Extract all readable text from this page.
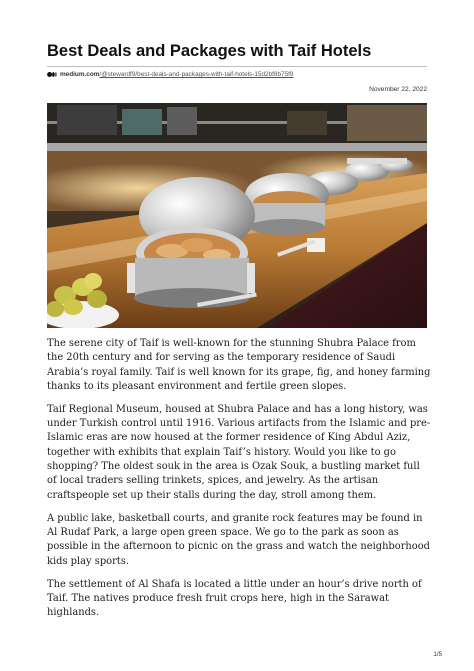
Best Deals and Packages with Taif Hotels
medium.com /@stewardf9/best-deals-and-packages-with-taif-hotels-15d2bf8b75f9
November 22, 2022

The serene city of Taif is well-known for the stunning Shubra Palace from the 20th century and for serving as the temporary residence of Saudi Arabia’s royal family. Taif is well known for its grape, fig, and honey farming thanks to its pleasant environment and fertile green slopes.

Taif Regional Museum, housed at Shubra Palace and has a long history, was under Turkish control until 1916. Various artifacts from the Islamic and pre-Islamic eras are now housed at the former residence of King Abdul Aziz, together with exhibits that explain Taif’s history. Would you like to go shopping? The oldest souk in the area is Ozak Souk, a bustling market full of local traders selling trinkets, spices, and jewelry. As the artisan craftspeople set up their stalls during the day, stroll among them.

A public lake, basketball courts, and granite rock features may be found in Al Rudaf Park, a large open green space. We go to the park as soon as possible in the afternoon to picnic on the grass and watch the neighborhood kids play sports.

The settlement of Al Shafa is located a little under an hour’s drive north of Taif. The natives produce fresh fruit crops here, high in the Sarawat highlands.

1/5
